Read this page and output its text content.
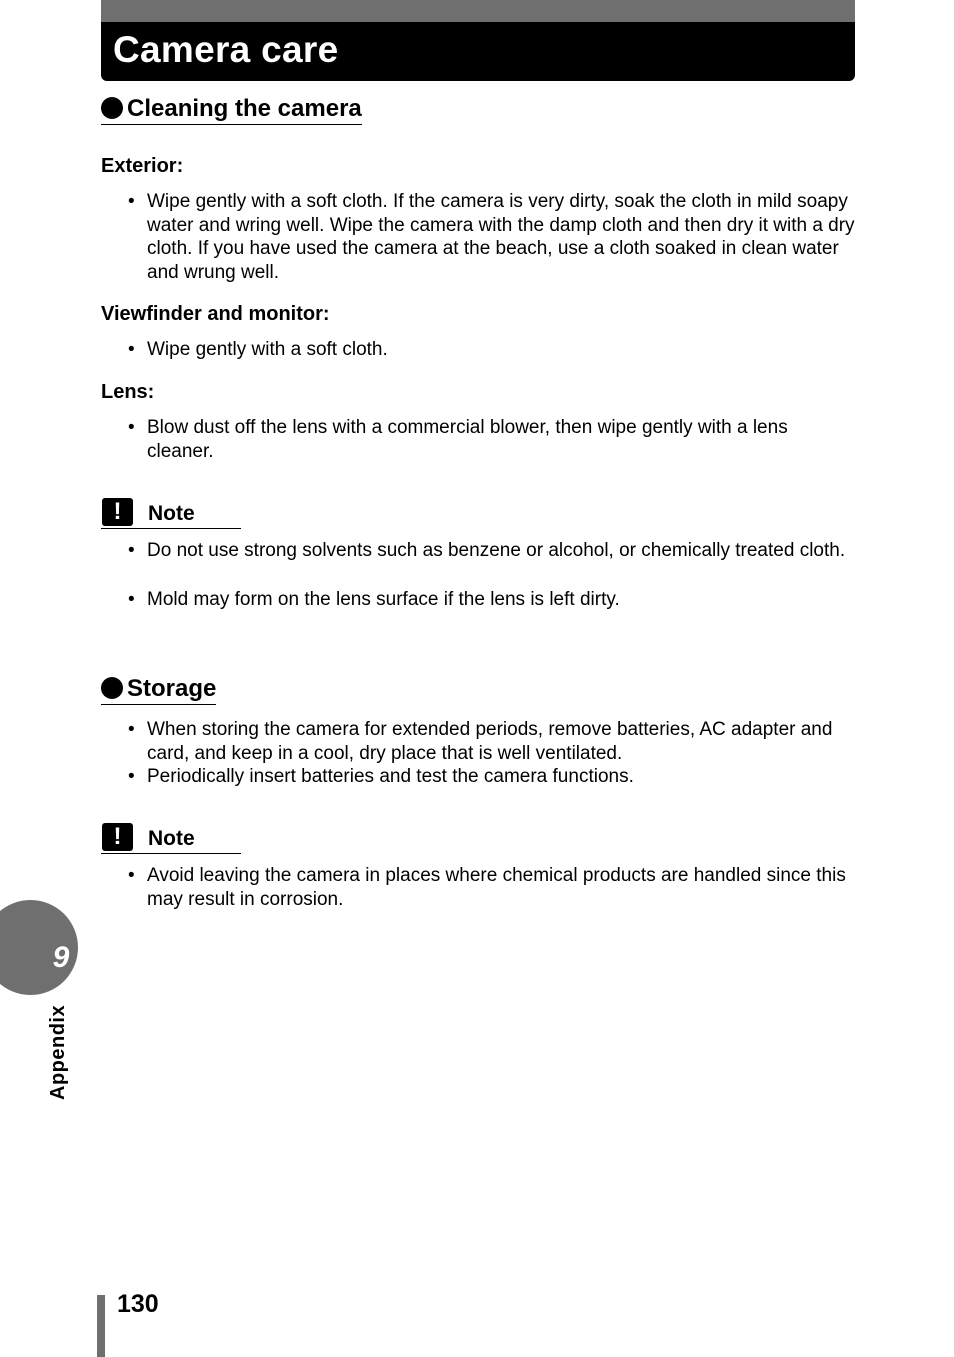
Camera care
Cleaning the camera
Exterior:
• Wipe gently with a soft cloth. If the camera is very dirty, soak the cloth in mild soapy water and wring well. Wipe the camera with the damp cloth and then dry it with a dry cloth. If you have used the camera at the beach, use a cloth soaked in clean water and wrung well.
Viewfinder and monitor:
• Wipe gently with a soft cloth.
Lens:
• Blow dust off the lens with a commercial blower, then wipe gently with a lens cleaner.
!	Note
• Do not use strong solvents such as benzene or alcohol, or chemically treated cloth.
• Mold may form on the lens surface if the lens is left dirty.
Storage
• When storing the camera for extended periods, remove batteries, AC adapter and card, and keep in a cool, dry place that is well ventilated.
• Periodically insert batteries and test the camera functions.
!	Note
• Avoid leaving the camera in places where chemical products are handled since this may result in corrosion.
9
Appendix
130
